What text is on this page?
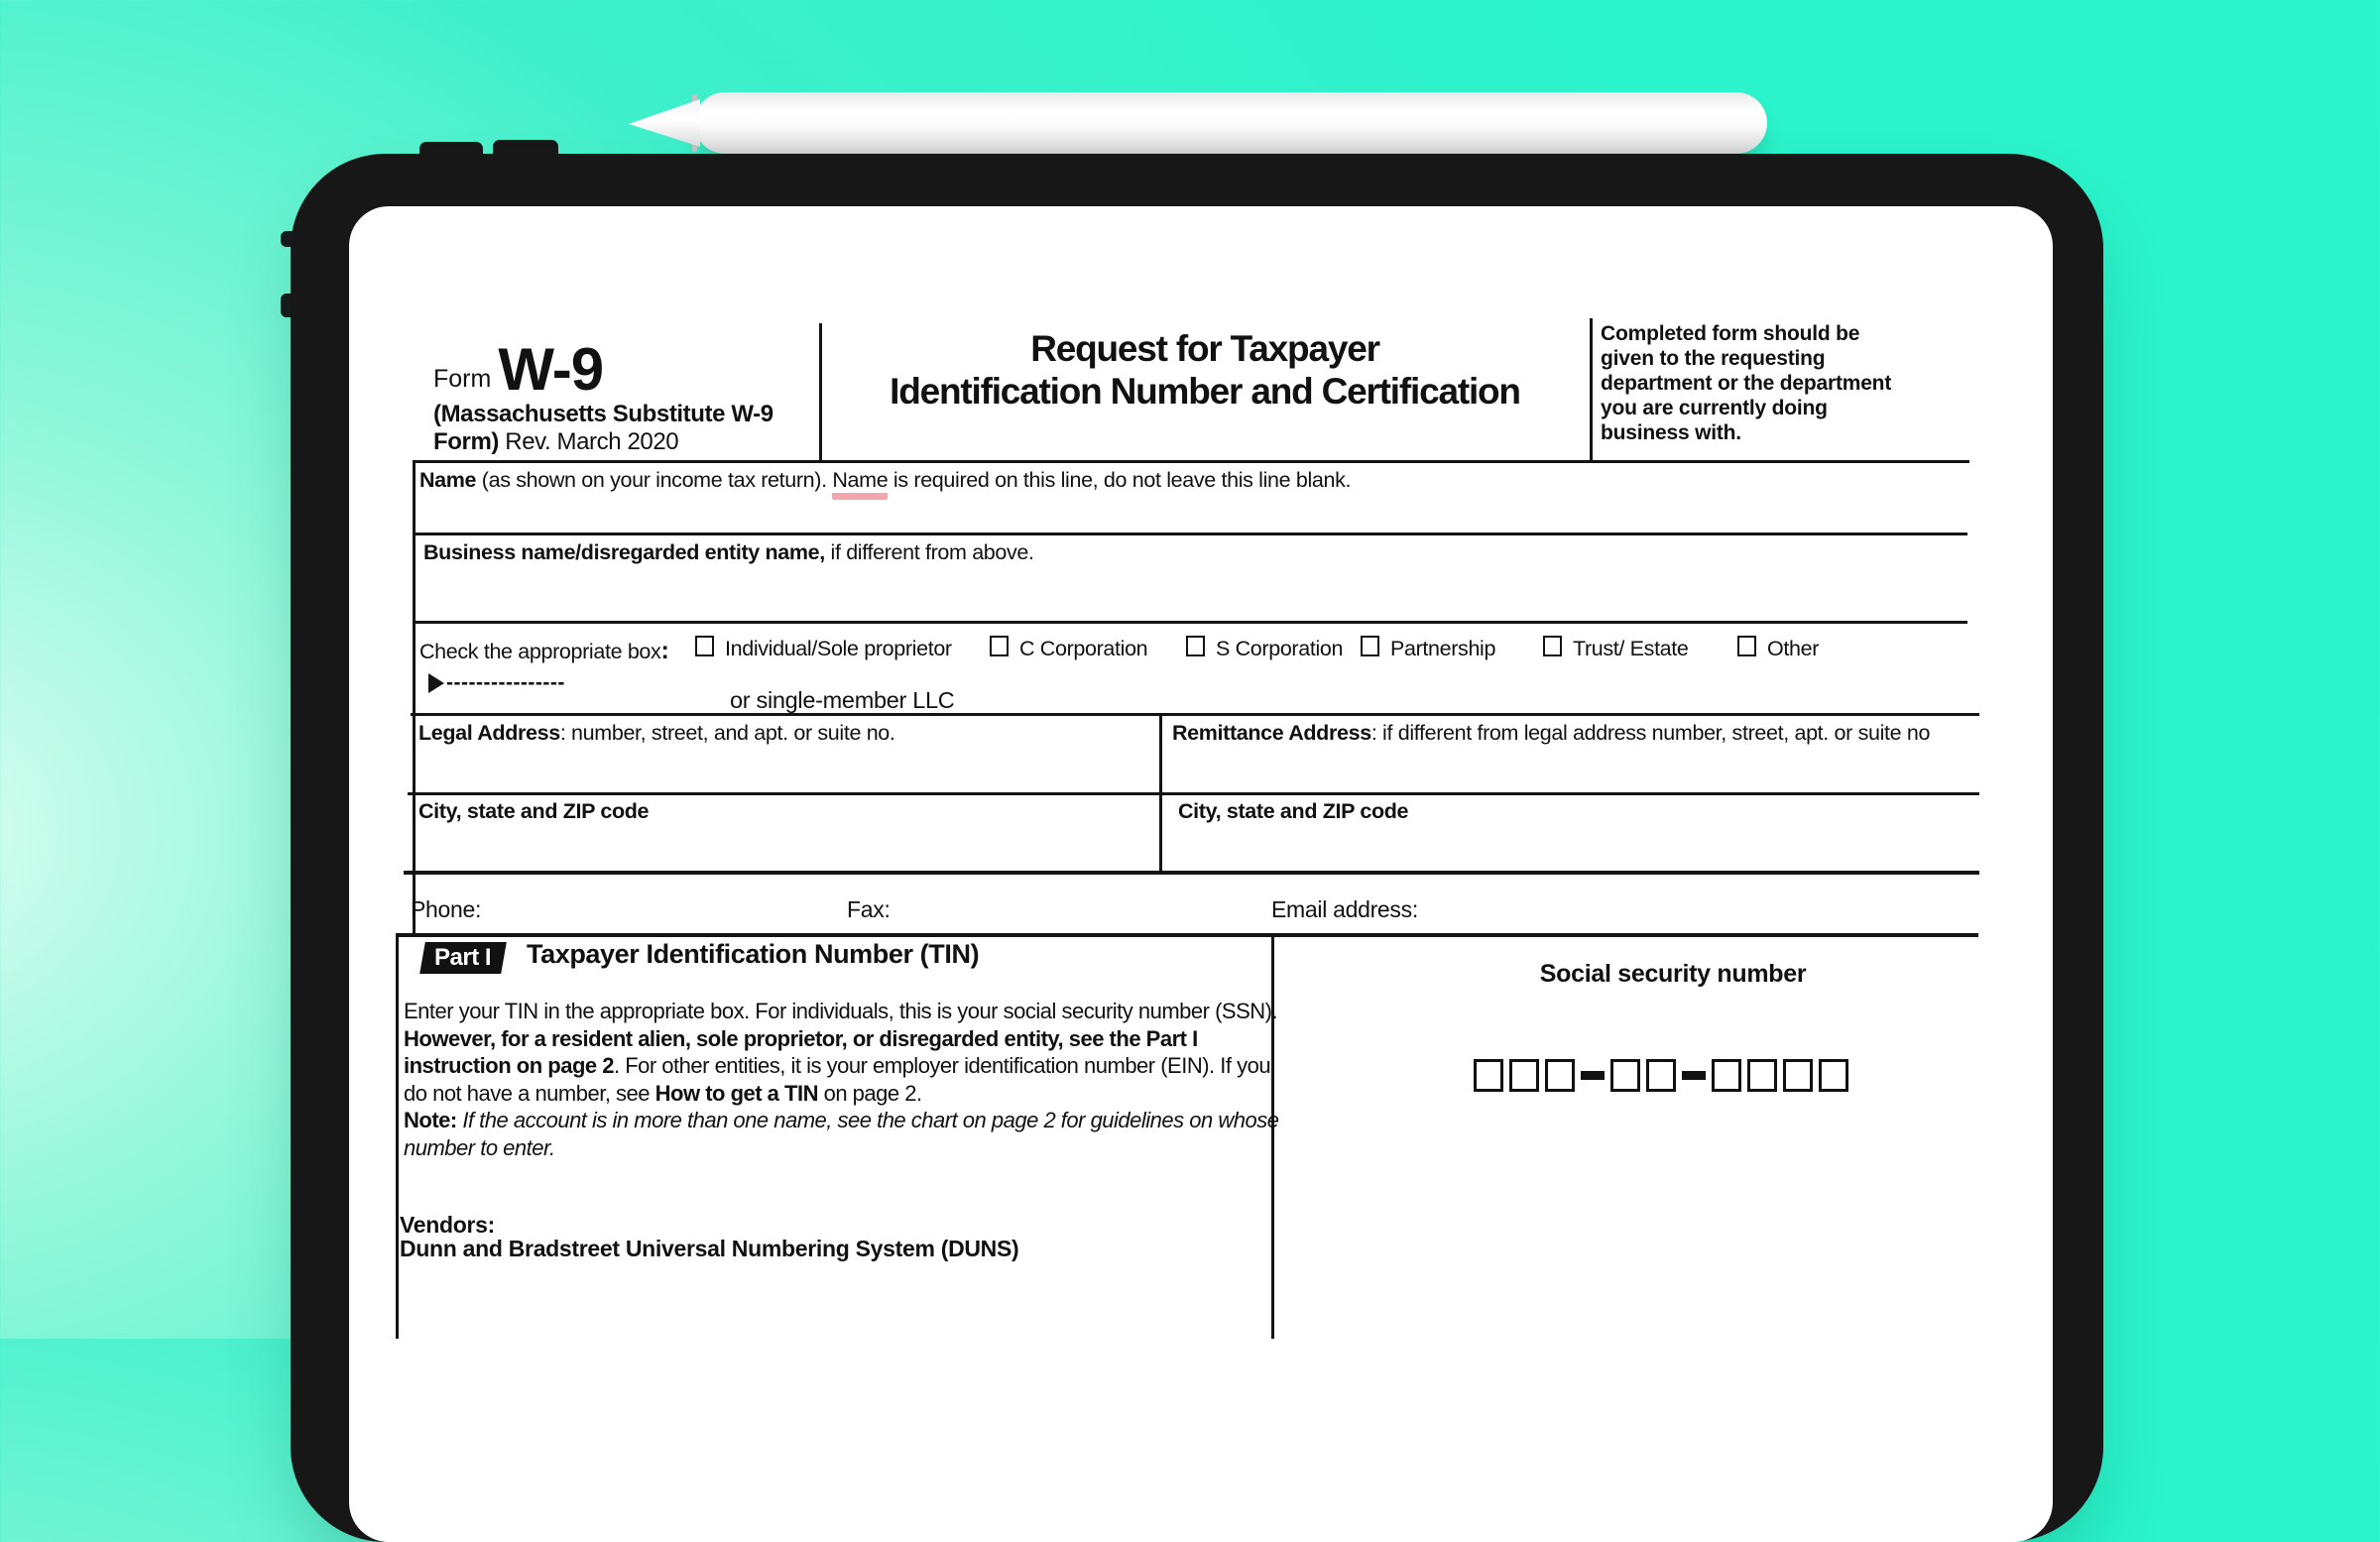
Form W-9
(Massachusetts Substitute W-9
Form) Rev. March 2020
Request for Taxpayer
Identification Number and Certification
Completed form should be given to the requesting department or the department you are currently doing business with.
Name (as shown on your income tax return). Name is required on this line, do not leave this line blank.
Business name/disregarded entity name, if different from above.
Check the appropriate box:	Individual/Sole proprietor	C Corporation	S Corporation Partnership	Trust/ Estate	Other
----------------
or single-member LLC
Legal Address: number, street, and apt. or suite no.	Remittance Address: if different from legal address number, street, apt. or suite no
City, state and ZIP code	City, state and ZIP code
Phone:	Fax:	Email address:
Part I Taxpayer Identification Number (TIN)

Enter your TIN in the appropriate box. For individuals, this is your social security number (SSN). However, for a resident alien, sole proprietor, or disregarded entity, see the Part I instruction on page 2. For other entities, it is your employer identification number (EIN). If you do not have a number, see How to get a TIN on page 2.

Note: If the account is in more than one name, see the chart on page 2 for guidelines on whose number to enter.

Vendors:
Dunn and Bradstreet Universal Numbering System (DUNS)
Social security number
